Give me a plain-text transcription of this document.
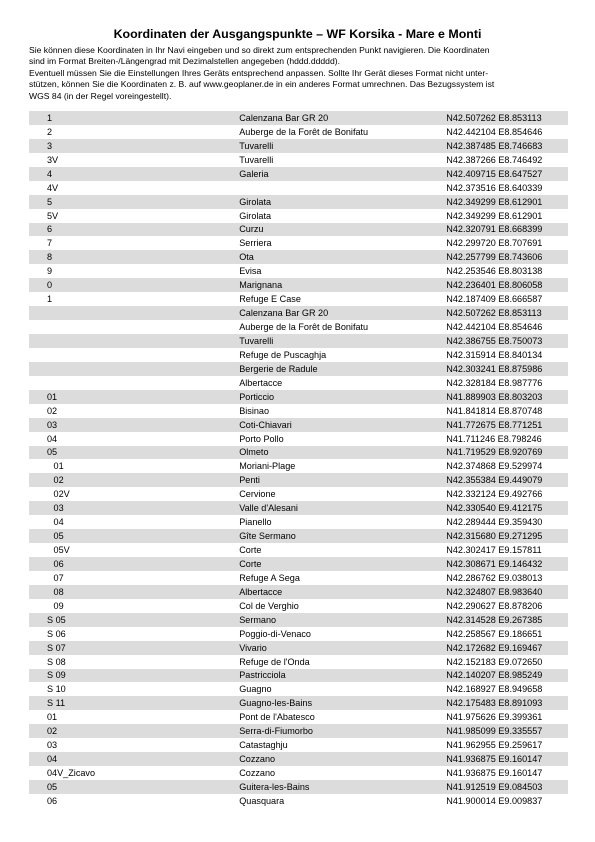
Koordinaten der Ausgangspunkte – WF Korsika - Mare e Monti
Sie können diese Koordinaten in Ihr Navi eingeben und so direkt zum entsprechenden Punkt navigieren. Die Koordinaten
sind im Format Breiten-/Längengrad mit Dezimalstellen angegeben (hddd.ddddd).
Eventuell müssen Sie die Einstellungen Ihres Geräts entsprechend anpassen. Sollte Ihr Gerät dieses Format nicht unter-
stützen, können Sie die Koordinaten z. B. auf www.geoplaner.de in ein anderes Format umrechnen. Das Bezugssystem ist
WGS 84 (in der Regel voreingestellt).
1	Calenzana Bar GR 20	N42.507262 E8.853113
2	Auberge de la Forêt de Bonifatu	N42.442104 E8.854646
3	Tuvarelli	N42.387485 E8.746683
3V	Tuvarelli	N42.387266 E8.746492
4	Galeria	N42.409715 E8.647527
4V		N42.373516 E8.640339
5	Girolata	N42.349299 E8.612901
5V	Girolata	N42.349299 E8.612901
6	Curzu	N42.320791 E8.668399
7	Serriera	N42.299720 E8.707691
8	Ota	N42.257799 E8.743606
9	Evisa	N42.253546 E8.803138
0	Marignana	N42.236401 E8.806058
1	Refuge E Case	N42.187409 E8.666587
	Calenzana Bar GR 20	N42.507262 E8.853113
	Auberge de la Forêt de Bonifatu	N42.442104 E8.854646
	Tuvarelli	N42.386755 E8.750073
	Refuge de Puscaghja	N42.315914 E8.840134
	Bergerie de Radule	N42.303241 E8.875986
	Albertacce	N42.328184 E8.987776
01	Porticcio	N41.889903 E8.803203
02	Bisinao	N41.841814 E8.870748
03	Coti-Chiavari	N41.772675 E8.771251
04	Porto Pollo	N41.711246 E8.798246
05	Olmeto	N41.719529 E8.920769
01	Moriani-Plage	N42.374868 E9.529974
02	Penti	N42.355384 E9.449079
02V	Cervione	N42.332124 E9.492766
03	Valle d'Alesani	N42.330540 E9.412175
04	Pianello	N42.289444 E9.359430
05	Gîte Sermano	N42.315680 E9.271295
05V	Corte	N42.302417 E9.157811
06	Corte	N42.308671 E9.146432
07	Refuge A Sega	N42.286762 E9.038013
08	Albertacce	N42.324807 E8.983640
09	Col de Verghio	N42.290627 E8.878206
S 05	Sermano	N42.314528 E9.267385
S 06	Poggio-di-Venaco	N42.258567 E9.186651
S 07	Vivario	N42.172682 E9.169467
S 08	Refuge de l'Onda	N42.152183 E9.072650
S 09	Pastricciola	N42.140207 E8.985249
S 10	Guagno	N42.168927 E8.949658
S 11	Guagno-les-Bains	N42.175483 E8.891093
01	Pont de l'Abatesco	N41.975626 E9.399361
02	Serra-di-Fiumorbo	N41.985099 E9.335557
03	Catastaghju	N41.962955 E9.259617
04	Cozzano	N41.936875 E9.160147
04V_Zicavo	Cozzano	N41.936875 E9.160147
05	Guitera-les-Bains	N41.912519 E9.084503
06	Quasquara	N41.900014 E9.009837
